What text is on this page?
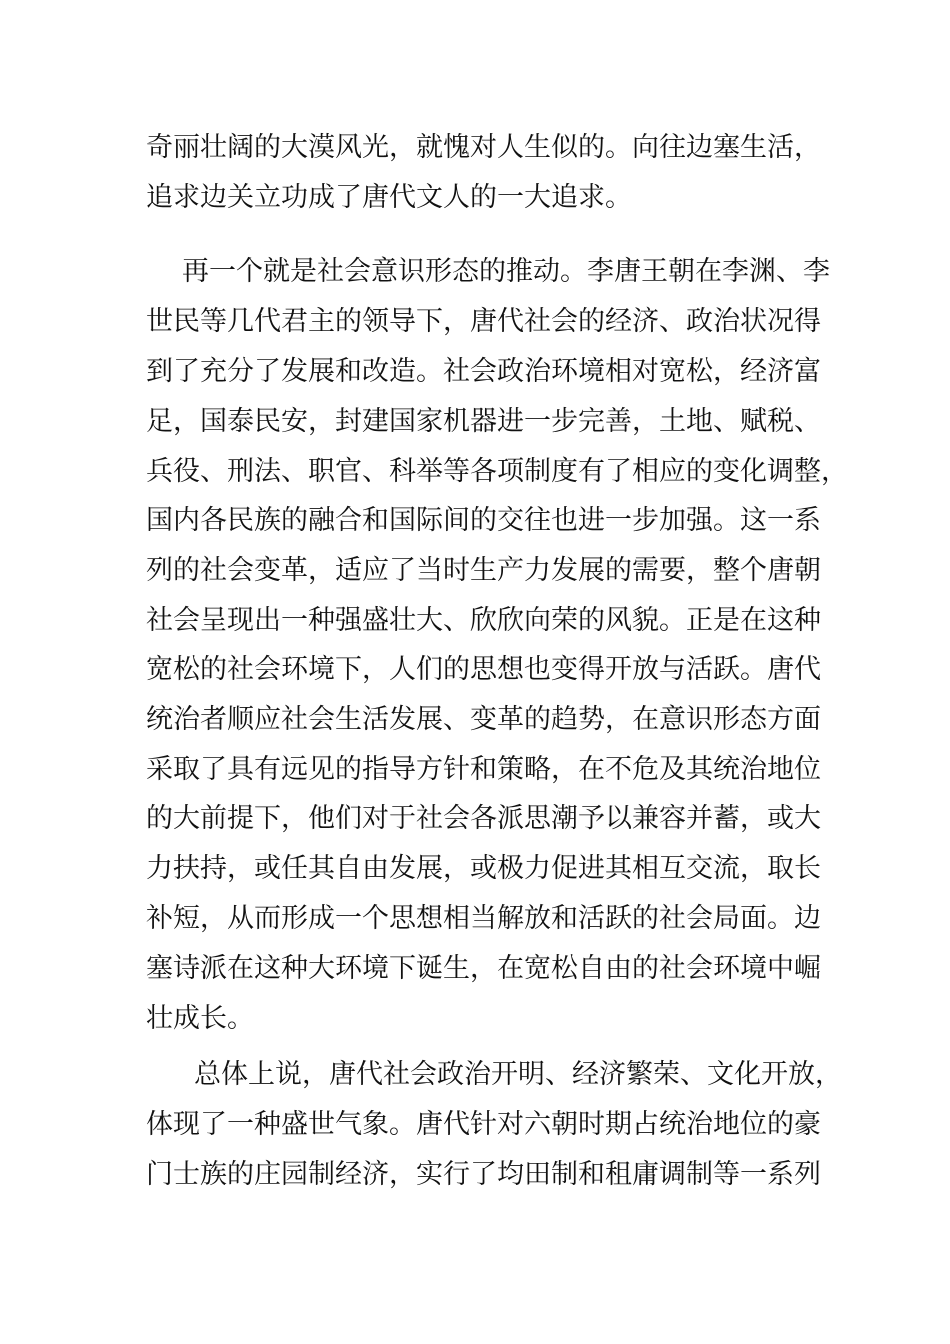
奇丽壮阔的大漠风光，就愧对人生似的。向往边塞生活，

追求边关立功成了唐代文人的一大追求。

再一个就是社会意识形态的推动。李唐王朝在李渊、李

世民等几代君主的领导下，唐代社会的经济、政治状况得

到了充分了发展和改造。社会政治环境相对宽松，经济富

足，国泰民安，封建国家机器进一步完善，土地、赋税、

兵役、刑法、职官、科举等各项制度有了相应的变化调整，

国内各民族的融合和国际间的交往也进一步加强。这一系

列的社会变革，适应了当时生产力发展的需要，整个唐朝

社会呈现出一种强盛壮大、欣欣向荣的风貌。正是在这种

宽松的社会环境下，人们的思想也变得开放与活跃。唐代

统治者顺应社会生活发展、变革的趋势，在意识形态方面

采取了具有远见的指导方针和策略，在不危及其统治地位

的大前提下，他们对于社会各派思潮予以兼容并蓄，或大

力扶持，或任其自由发展，或极力促进其相互交流，取长

补短，从而形成一个思想相当解放和活跃的社会局面。边

塞诗派在这种大环境下诞生，在宽松自由的社会环境中崛

壮成长。

总体上说，唐代社会政治开明、经济繁荣、文化开放，

体现了一种盛世气象。唐代针对六朝时期占统治地位的豪

门士族的庄园制经济，实行了均田制和租庸调制等一系列
